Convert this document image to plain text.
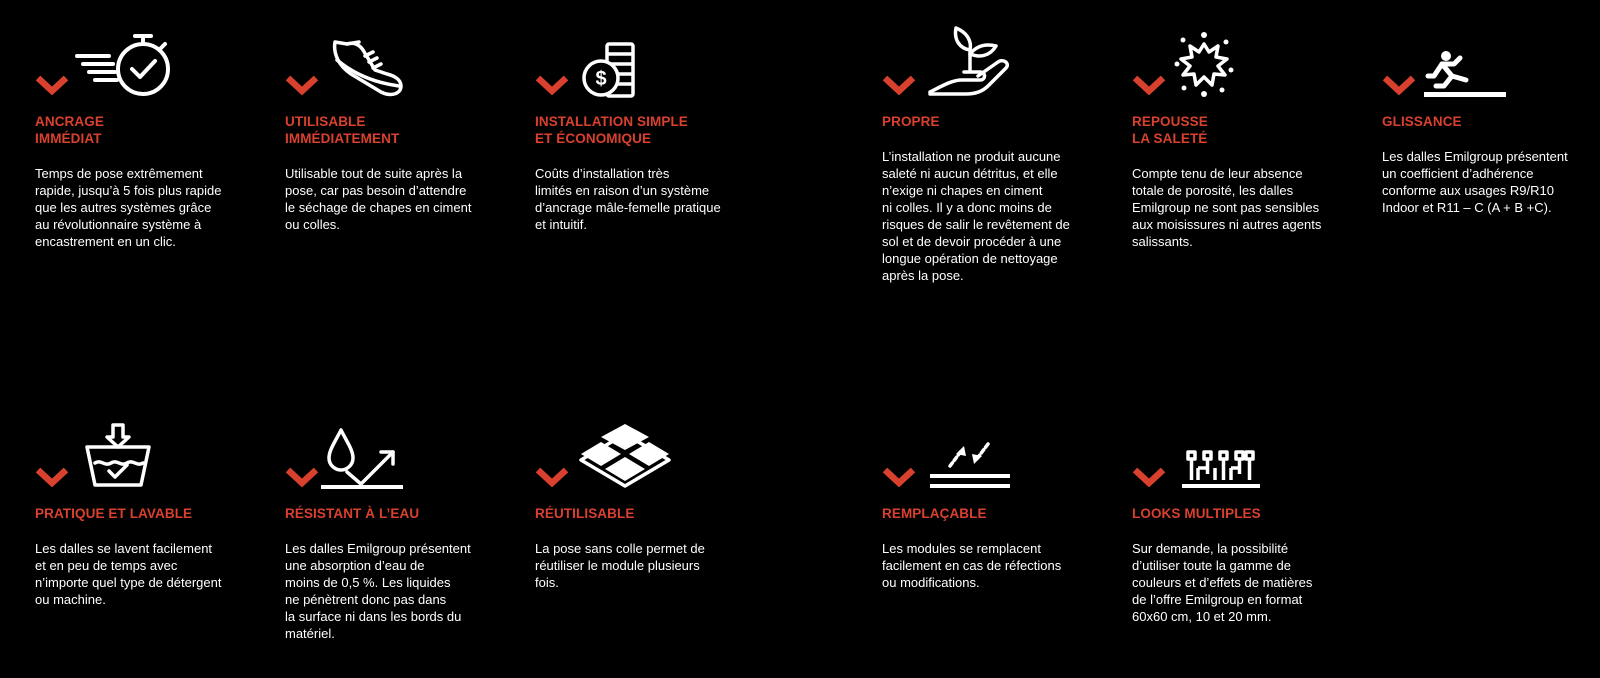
ANCRAGE
IMMÉDIAT

Temps de pose extrêmement
rapide, jusqu’à 5 fois plus rapide
que les autres systèmes grâce
au révolutionnaire système à
encastrement en un clic.

UTILISABLE
IMMÉDIATEMENT

Utilisable tout de suite après la
pose, car pas besoin d’attendre
le séchage de chapes en ciment
ou colles.

$
INSTALLATION SIMPLE
ET ÉCONOMIQUE

Coûts d’installation très
limités en raison d’un système
d’ancrage mâle-femelle pratique
et intuitif.

PROPRE

L’installation ne produit aucune
saleté ni aucun détritus, et elle
n’exige ni chapes en ciment
ni colles. Il y a donc moins de
risques de salir le revêtement de
sol et de devoir procéder à une
longue opération de nettoyage
après la pose.

REPOUSSE
LA SALETÉ

Compte tenu de leur absence
totale de porosité, les dalles
Emilgroup ne sont pas sensibles
aux moisissures ni autres agents
salissants.

GLISSANCE

Les dalles Emilgroup présentent
un coefficient d’adhérence
conforme aux usages R9/R10
Indoor et R11 – C (A + B +C).

PRATIQUE ET LAVABLE

Les dalles se lavent facilement
et en peu de temps avec
n’importe quel type de détergent
ou machine.

RÉSISTANT À L’EAU

Les dalles Emilgroup présentent
une absorption d’eau de
moins de 0,5 %. Les liquides
ne pénètrent donc pas dans
la surface ni dans les bords du
matériel.

RÉUTILISABLE

La pose sans colle permet de
réutiliser le module plusieurs
fois.

REMPLAÇABLE

Les modules se remplacent
facilement en cas de réfections
ou modifications.

LOOKS MULTIPLES

Sur demande, la possibilité
d’utiliser toute la gamme de
couleurs et d’effets de matières
de l’offre Emilgroup en format
60x60 cm, 10 et 20 mm.
